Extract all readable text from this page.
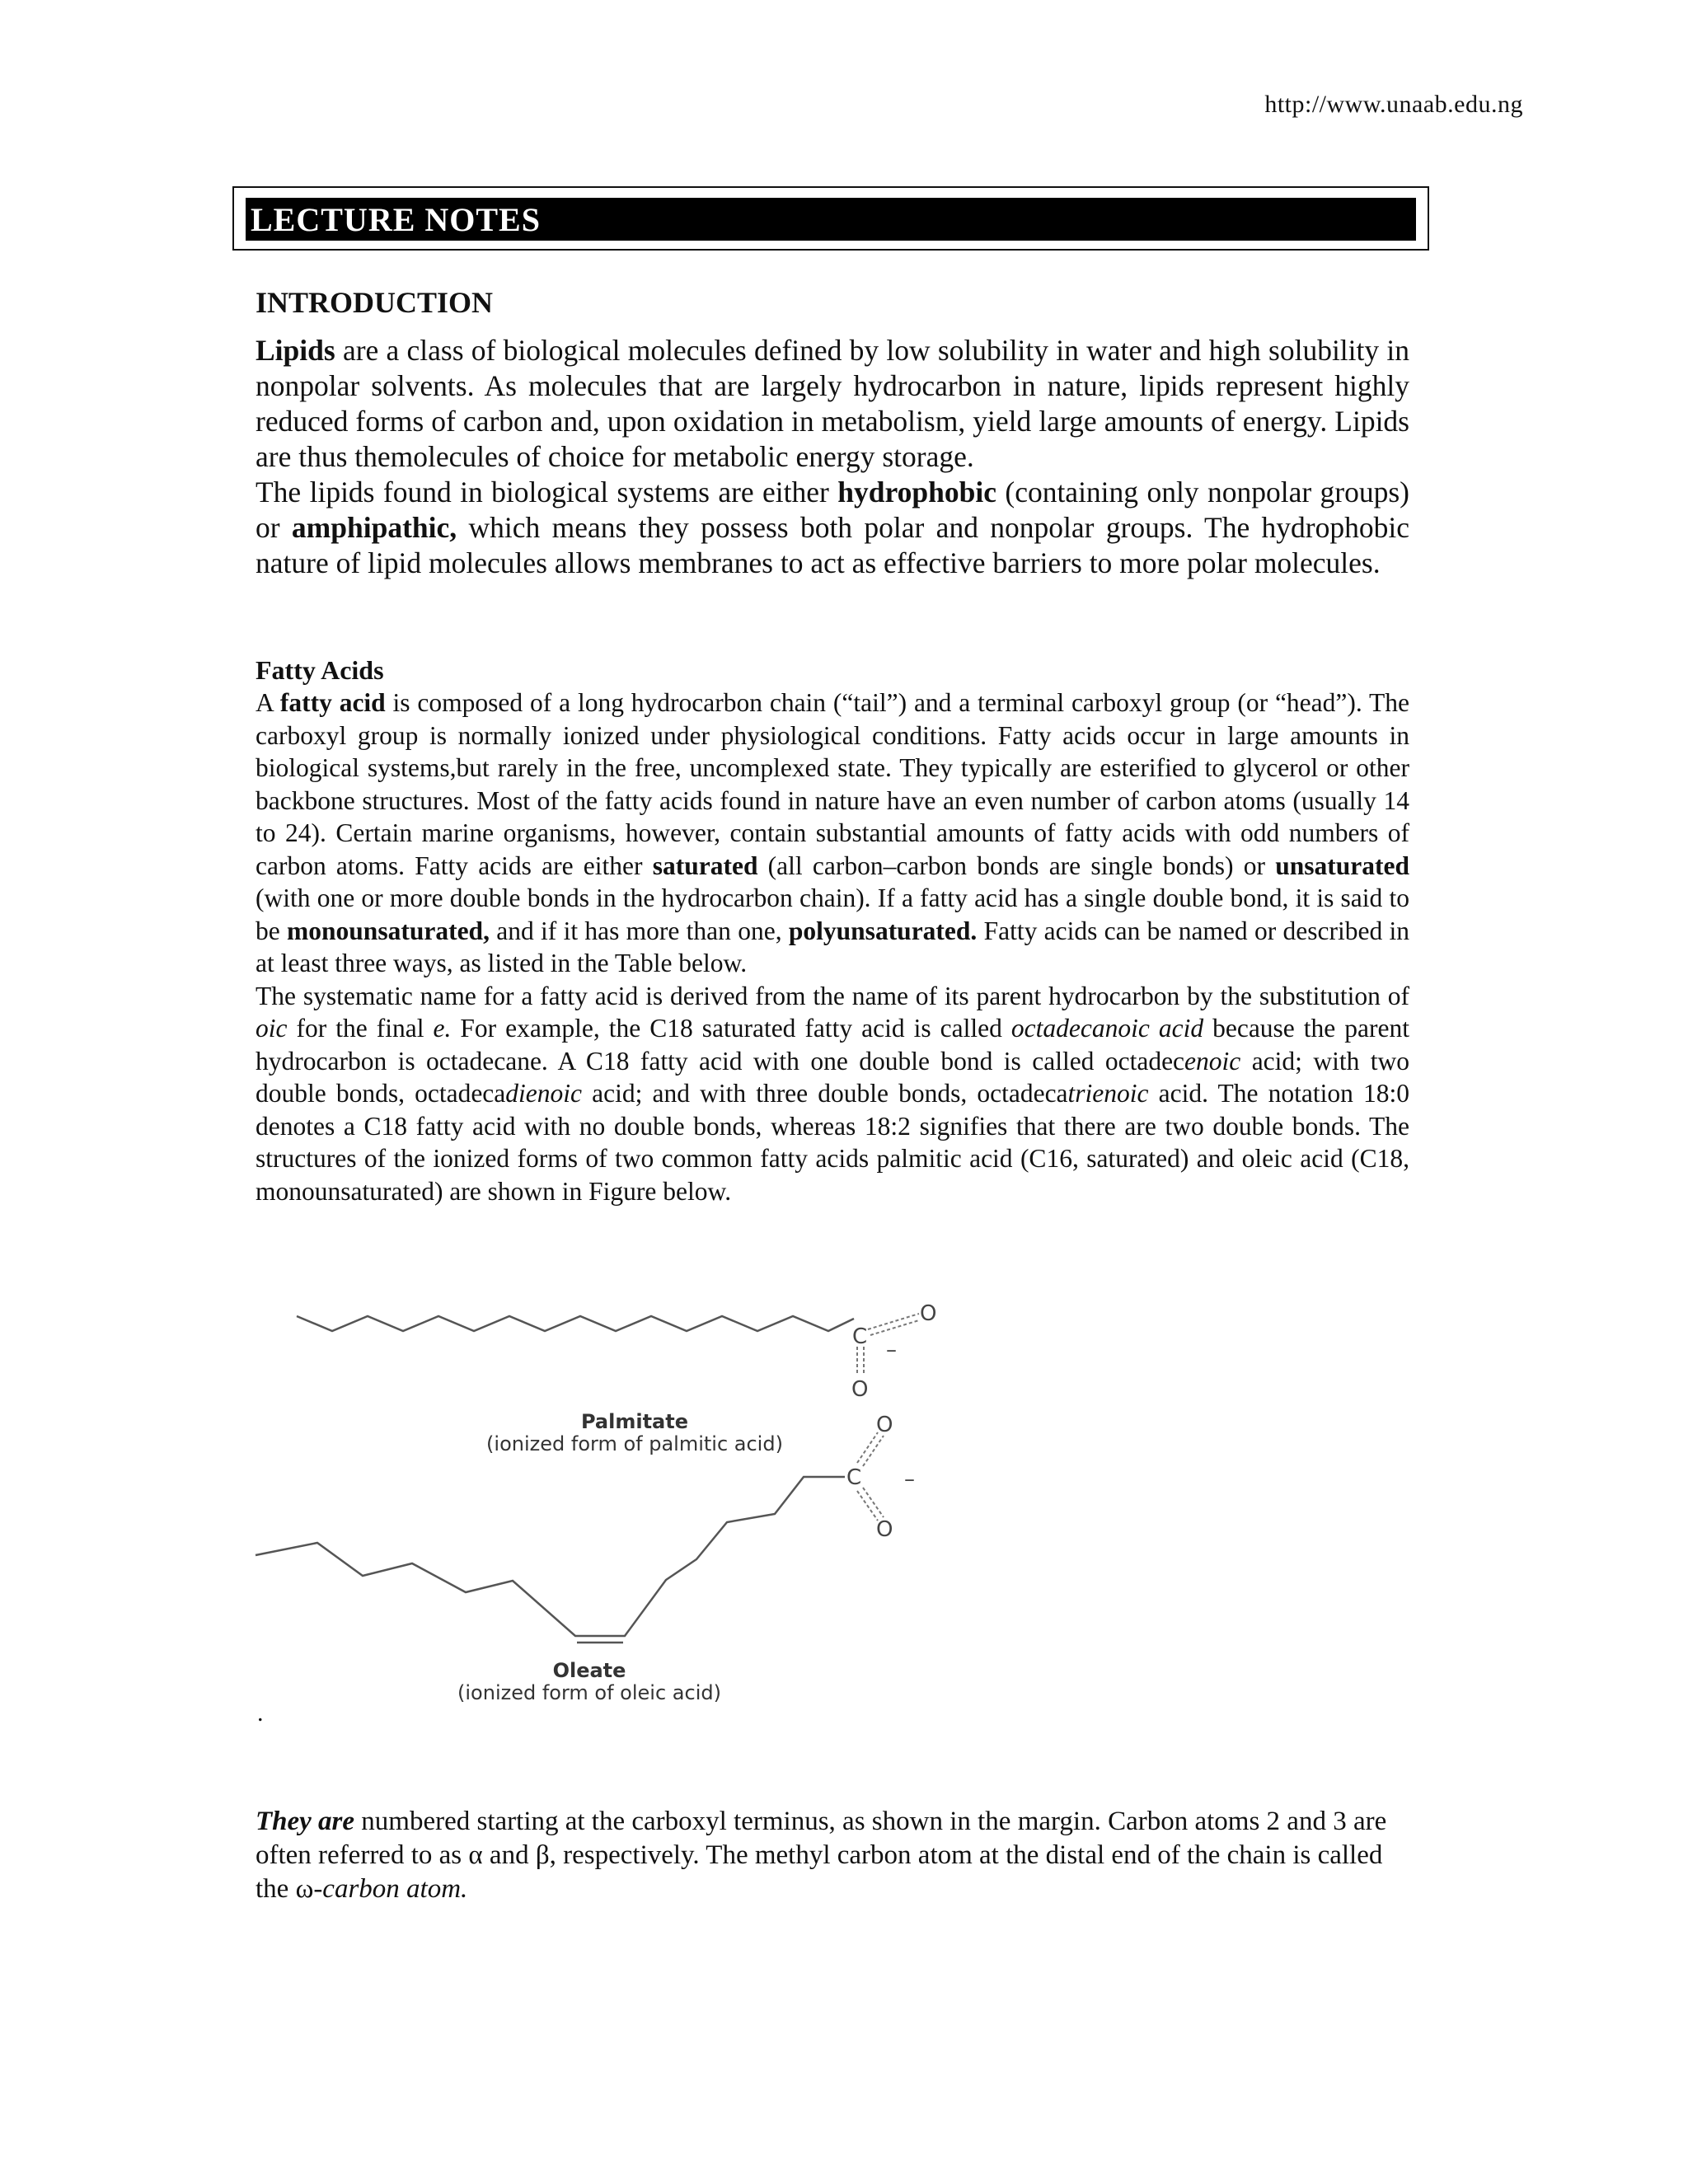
http://www.unaab.edu.ng
LECTURE NOTES
INTRODUCTION

Lipids are a class of biological molecules defined by low solubility in water and high solubility in nonpolar solvents. As molecules that are largely hydrocarbon in nature, lipids represent highly reduced forms of carbon and, upon oxidation in metabolism, yield large amounts of energy. Lipids are thus themolecules of choice for metabolic energy storage.

The lipids found in biological systems are either hydrophobic (containing only nonpolar groups) or amphipathic, which means they possess both polar and nonpolar groups. The hydrophobic nature of lipid molecules allows membranes to act as effective barriers to more polar molecules.

Fatty Acids

A fatty acid is composed of a long hydrocarbon chain (“tail”) and a terminal carboxyl group (or “head”). The carboxyl group is normally ionized under physiological conditions. Fatty acids occur in large amounts in biological systems,but rarely in the free, uncomplexed state. They typically are esterified to glycerol or other backbone structures. Most of the fatty acids found in nature have an even number of carbon atoms (usually 14 to 24). Certain marine organisms, however, contain substantial amounts of fatty acids with odd numbers of carbon atoms. Fatty acids are either saturated (all carbon–carbon bonds are single bonds) or unsaturated (with one or more double bonds in the hydrocarbon chain). If a fatty acid has a single double bond, it is said to be monounsaturated, and if it has more than one, polyunsaturated. Fatty acids can be named or described in at least three ways, as listed in the Table below.

The systematic name for a fatty acid is derived from the name of its parent hydrocarbon by the substitution of oic for the final e. For example, the C18 saturated fatty acid is called octadecanoic acid because the parent hydrocarbon is octadecane. A C18 fatty acid with one double bond is called octadecenoic acid; with two double bonds, octadecadienoic acid; and with three double bonds, octadecatrienoic acid. The notation 18:0 denotes a C18 fatty acid with no double bonds, whereas 18:2 signifies that there are two double bonds. The structures of the ionized forms of two common fatty acids palmitic acid (C16, saturated) and oleic acid (C18, monounsaturated) are shown in Figure below.

C
O
O
–
Palmitate
(ionized form of palmitic acid)
C
O
O
–
Oleate
(ionized form of oleic acid)
.

They are numbered starting at the carboxyl terminus, as shown in the margin. Carbon atoms 2 and 3 are often referred to as α and β, respectively. The methyl carbon atom at the distal end of the chain is called the ω-carbon atom.
